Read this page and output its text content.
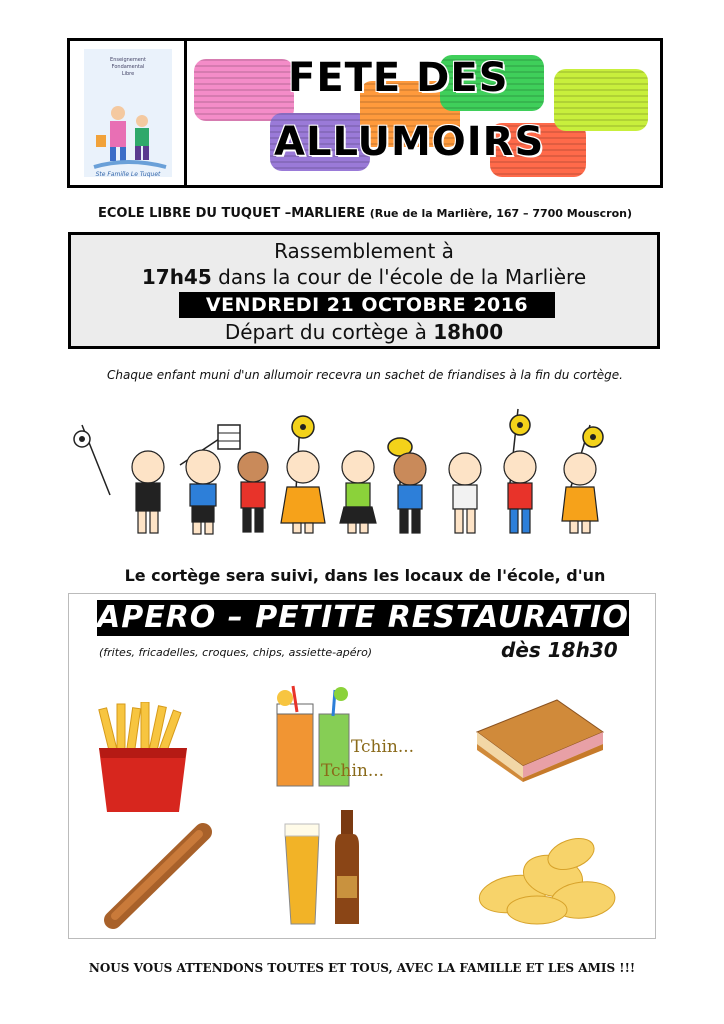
Enseignement
Fondamental
Libre
Ste Famille Le Tuquet
FETE DES
ALLUMOIRS
ECOLE LIBRE DU TUQUET –MARLIERE (Rue de la Marlière, 167 – 7700 Mouscron)
Rassemblement à
17h45 dans la cour de l'école de la Marlière
VENDREDI 21 OCTOBRE 2016
Départ du cortège à 18h00
Chaque enfant muni d'un allumoir recevra un sachet de friandises à la fin du cortège.
Le cortège sera suivi, dans les locaux de l'école, d'un
APERO – PETITE RESTAURATION
(frites, fricadelles, croques, chips, assiette-apéro)	dès 18h30
Tchin...
Tchin...
NOUS VOUS ATTENDONS TOUTES ET TOUS, AVEC LA FAMILLE ET LES AMIS !!!
